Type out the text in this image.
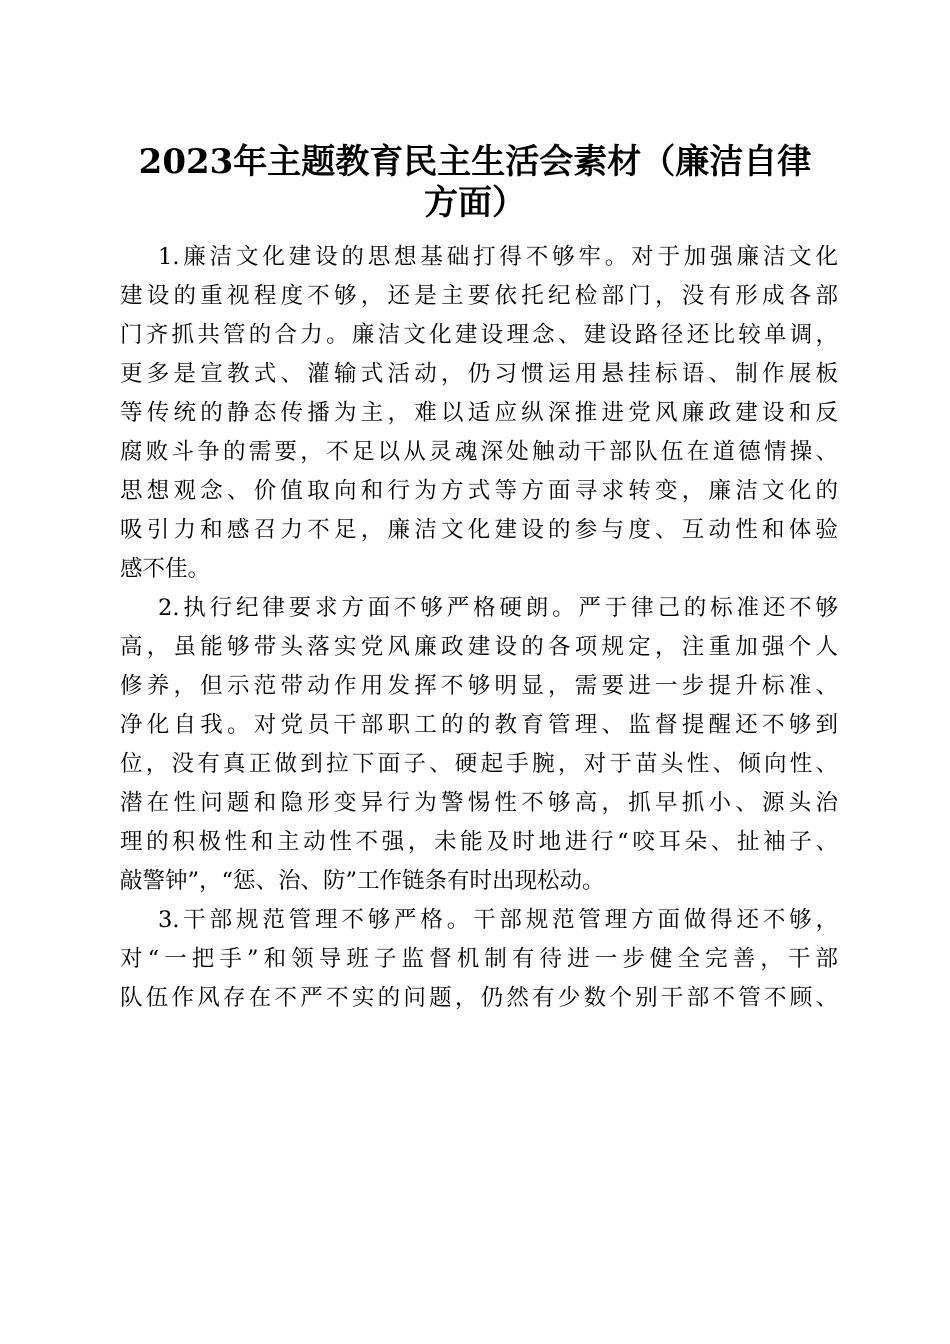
2023年主题教育民主生活会素材（廉洁自律
方面）
1.廉洁文化建设的思想基础打得不够牢。对于加强廉洁文化
建设的重视程度不够，还是主要依托纪检部门，没有形成各部
门齐抓共管的合力。廉洁文化建设理念、建设路径还比较单调，
更多是宣教式、灌输式活动，仍习惯运用悬挂标语、制作展板
等传统的静态传播为主，难以适应纵深推进党风廉政建设和反
腐败斗争的需要，不足以从灵魂深处触动干部队伍在道德情操、
思想观念、价值取向和行为方式等方面寻求转变，廉洁文化的
吸引力和感召力不足，廉洁文化建设的参与度、互动性和体验
感不佳。
2.执行纪律要求方面不够严格硬朗。严于律己的标准还不够
高，虽能够带头落实党风廉政建设的各项规定，注重加强个人
修养，但示范带动作用发挥不够明显，需要进一步提升标准、
净化自我。对党员干部职工的的教育管理、监督提醒还不够到
位，没有真正做到拉下面子、硬起手腕，对于苗头性、倾向性、
潜在性问题和隐形变异行为警惕性不够高，抓早抓小、源头治
理的积极性和主动性不强，未能及时地进行“咬耳朵、扯袖子、
敲警钟”，“惩、治、防”工作链条有时出现松动。
3.干部规范管理不够严格。干部规范管理方面做得还不够，
对“一把手”和领导班子监督机制有待进一步健全完善，干部
队伍作风存在不严不实的问题，仍然有少数个别干部不管不顾、
